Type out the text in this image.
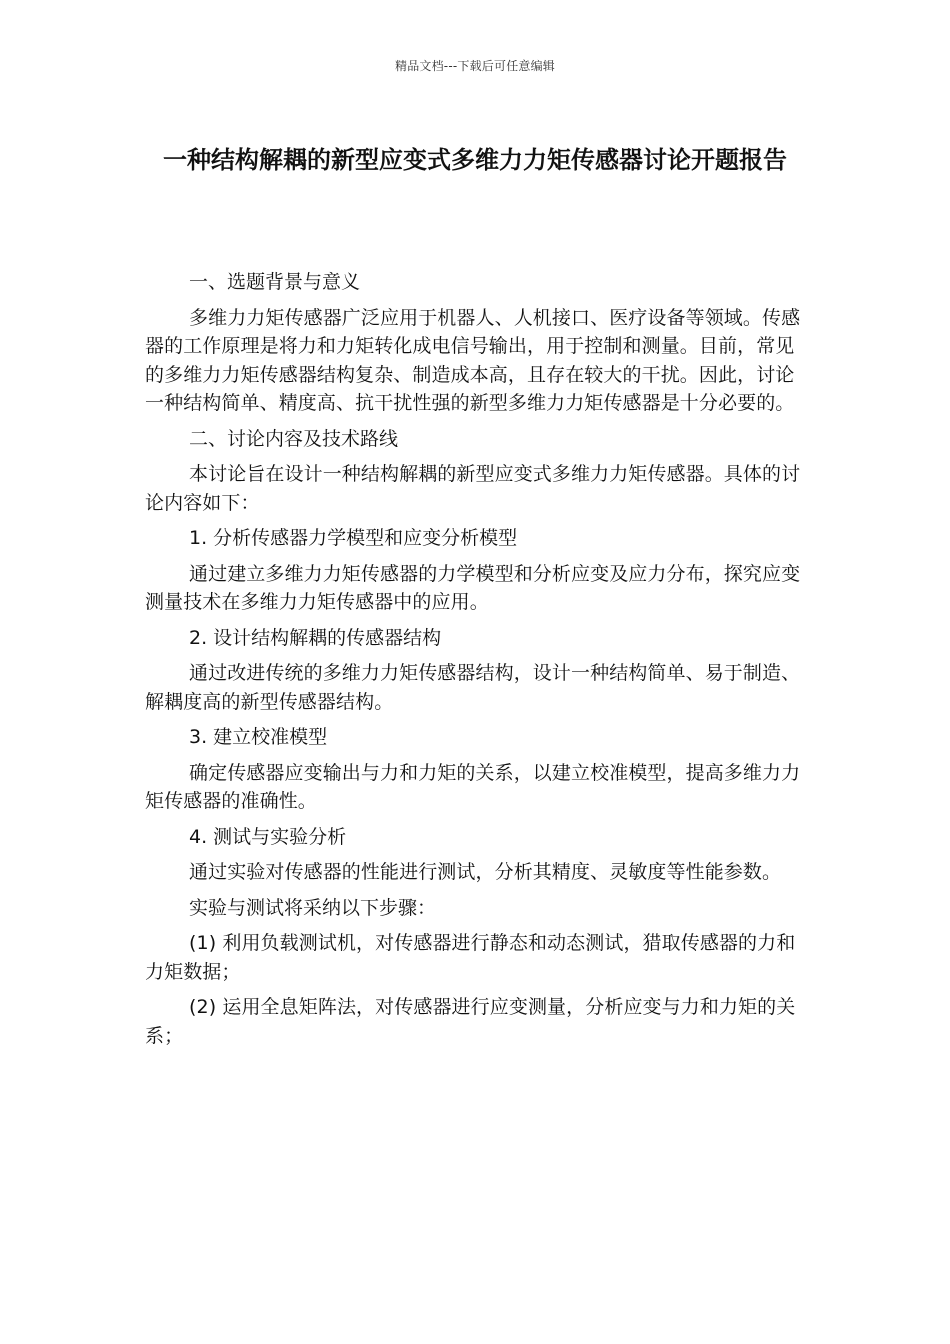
精品文档---下载后可任意编辑
一种结构解耦的新型应变式多维力力矩传感器讨论开题报告

一、选题背景与意义

多维力力矩传感器广泛应用于机器人、人机接口、医疗设备等领域。传感器的工作原理是将力和力矩转化成电信号输出，用于控制和测量。目前，常见的多维力力矩传感器结构复杂、制造成本高，且存在较大的干扰。因此，讨论一种结构简单、精度高、抗干扰性强的新型多维力力矩传感器是十分必要的。

二、讨论内容及技术路线

本讨论旨在设计一种结构解耦的新型应变式多维力力矩传感器。具体的讨论内容如下：

1. 分析传感器力学模型和应变分析模型

通过建立多维力力矩传感器的力学模型和分析应变及应力分布，探究应变测量技术在多维力力矩传感器中的应用。

2. 设计结构解耦的传感器结构

通过改进传统的多维力力矩传感器结构，设计一种结构简单、易于制造、解耦度高的新型传感器结构。

3. 建立校准模型

确定传感器应变输出与力和力矩的关系，以建立校准模型，提高多维力力矩传感器的准确性。

4. 测试与实验分析

通过实验对传感器的性能进行测试，分析其精度、灵敏度等性能参数。

实验与测试将采纳以下步骤：

(1) 利用负载测试机，对传感器进行静态和动态测试，猎取传感器的力和力矩数据；

(2) 运用全息矩阵法，对传感器进行应变测量，分析应变与力和力矩的关系；
